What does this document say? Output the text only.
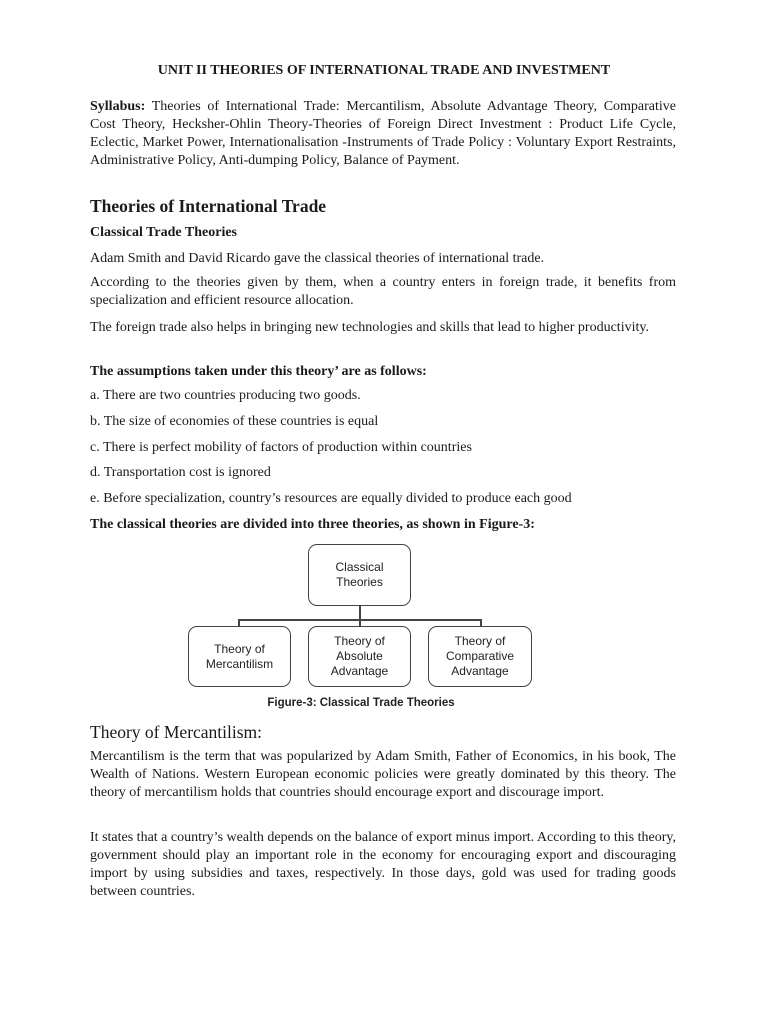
UNIT II THEORIES OF INTERNATIONAL TRADE AND INVESTMENT
Syllabus: Theories of International Trade: Mercantilism, Absolute Advantage Theory, Comparative Cost Theory, Hecksher-Ohlin Theory-Theories of Foreign Direct Investment : Product Life Cycle, Eclectic, Market Power, Internationalisation -Instruments of Trade Policy : Voluntary Export Restraints, Administrative Policy, Anti-dumping Policy, Balance of Payment.
Theories of International Trade
Classical Trade Theories
Adam Smith and David Ricardo gave the classical theories of international trade.
According to the theories given by them, when a country enters in foreign trade, it benefits from specialization and efficient resource allocation.
The foreign trade also helps in bringing new technologies and skills that lead to higher productivity.
The assumptions taken under this theory’ are as follows:
a. There are two countries producing two goods.
b. The size of economies of these countries is equal
c. There is perfect mobility of factors of production within countries
d. Transportation cost is ignored
e. Before specialization, country’s resources are equally divided to produce each good
The classical theories are divided into three theories, as shown in Figure-3:
Classical
Theories
Theory of
Mercantilism
Theory of
Absolute
Advantage
Theory of
Comparative
Advantage
Figure-3: Classical Trade Theories
Theory of Mercantilism:
Mercantilism is the term that was popularized by Adam Smith, Father of Economics, in his book, The Wealth of Nations. Western European economic policies were greatly dominated by this theory. The theory of mercantilism holds that countries should encourage export and discourage import.
It states that a country’s wealth depends on the balance of export minus import. According to this theory, government should play an important role in the economy for encouraging export and discouraging import by using subsidies and taxes, respectively. In those days, gold was used for trading goods between countries.
